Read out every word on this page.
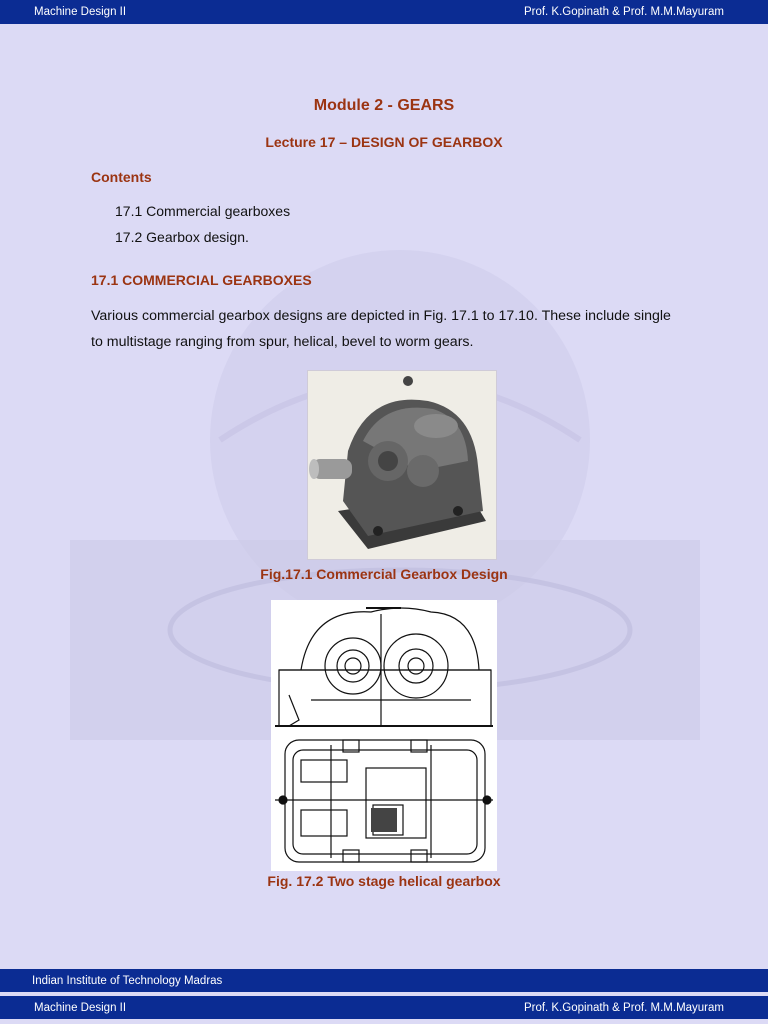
Machine Design II	Prof. K.Gopinath & Prof. M.M.Mayuram
Module 2 - GEARS
Lecture 17 – DESIGN OF GEARBOX
Contents
17.1 Commercial gearboxes
17.2 Gearbox design.
17.1 COMMERCIAL GEARBOXES
Various commercial gearbox designs are depicted in Fig. 17.1 to 17.10. These include single to multistage ranging from spur, helical, bevel to worm gears.
Fig.17.1 Commercial Gearbox Design
Fig. 17.2 Two stage helical gearbox
Indian Institute of Technology Madras
Machine Design II	Prof. K.Gopinath & Prof. M.M.Mayuram
